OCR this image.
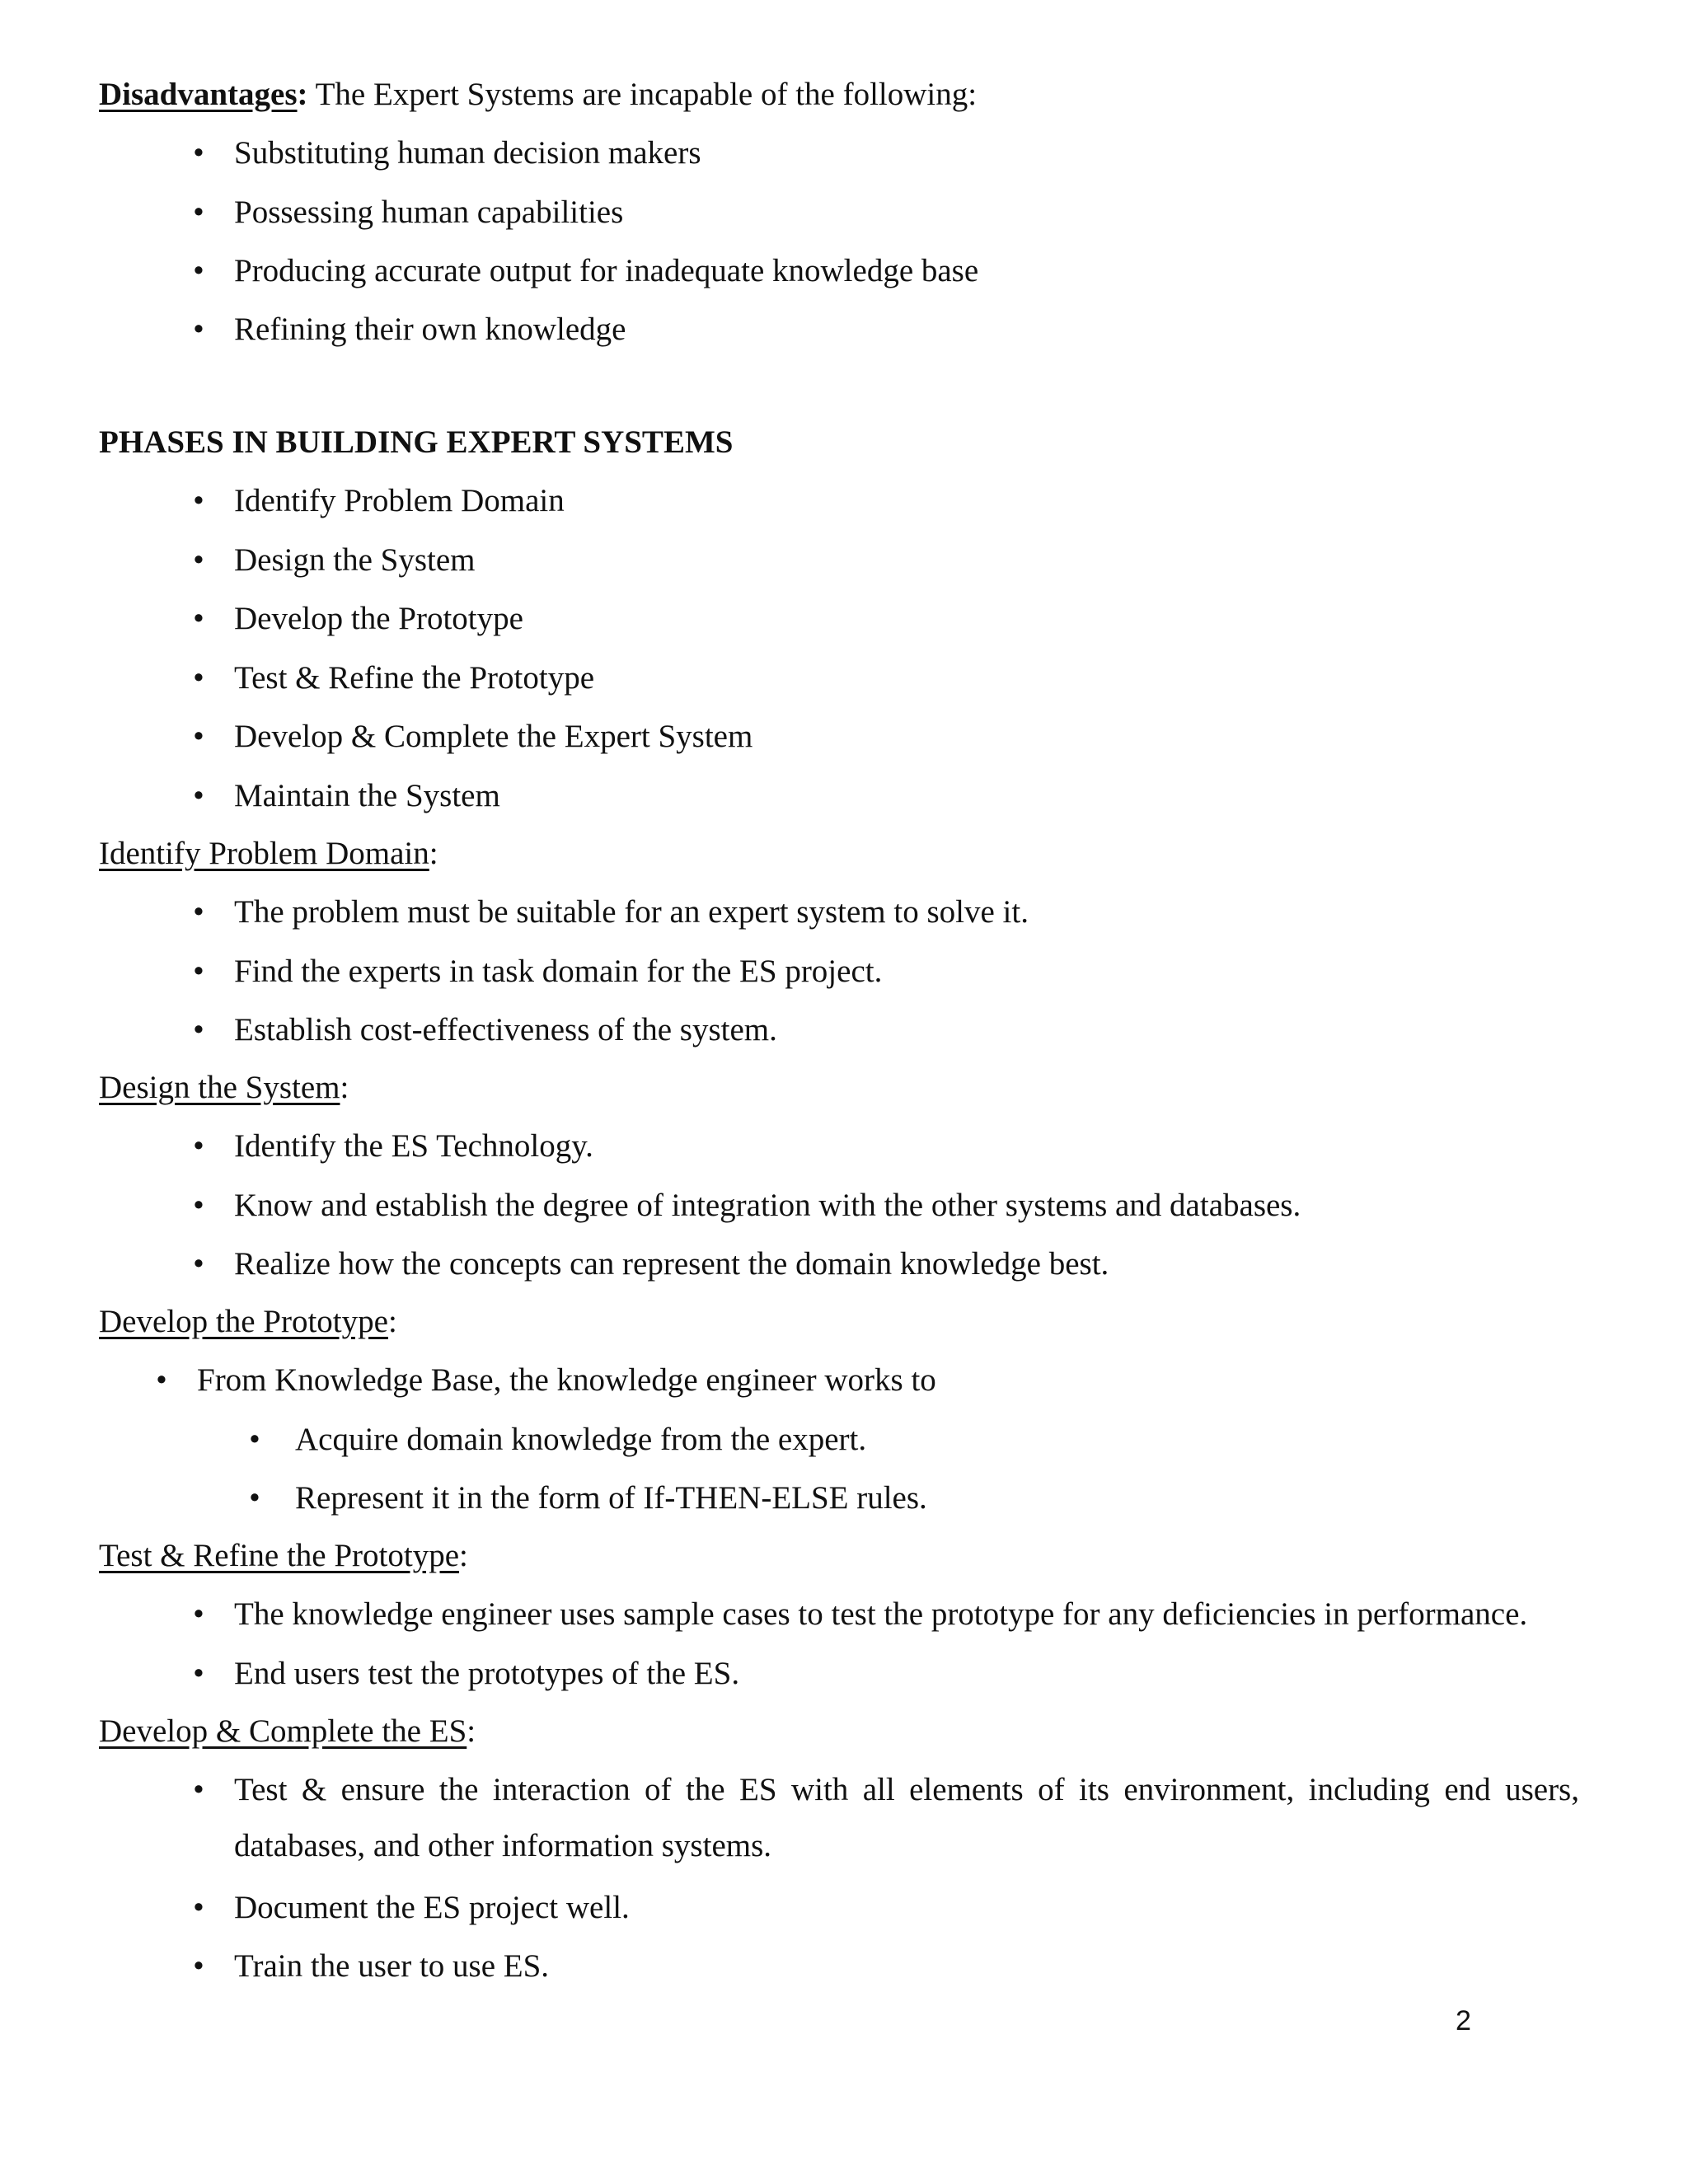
Disadvantages: The Expert Systems are incapable of the following:
• Substituting human decision makers
• Possessing human capabilities
• Producing accurate output for inadequate knowledge base
• Refining their own knowledge
PHASES IN BUILDING EXPERT SYSTEMS
• Identify Problem Domain
• Design the System
• Develop the Prototype
• Test & Refine the Prototype
• Develop & Complete the Expert System
• Maintain the System
Identify Problem Domain:
• The problem must be suitable for an expert system to solve it.
• Find the experts in task domain for the ES project.
• Establish cost-effectiveness of the system.
Design the System:
• Identify the ES Technology.
• Know and establish the degree of integration with the other systems and databases.
• Realize how the concepts can represent the domain knowledge best.
Develop the Prototype:
• From Knowledge Base, the knowledge engineer works to
•	Acquire domain knowledge from the expert.
•	Represent it in the form of If-THEN-ELSE rules.
Test & Refine the Prototype:
• The knowledge engineer uses sample cases to test the prototype for any deficiencies in performance.
• End users test the prototypes of the ES.
Develop & Complete the ES:
• Test & ensure the interaction of the ES with all elements of its environment, including end users,
databases, and other information systems.
• Document the ES project well.
• Train the user to use ES.
2
